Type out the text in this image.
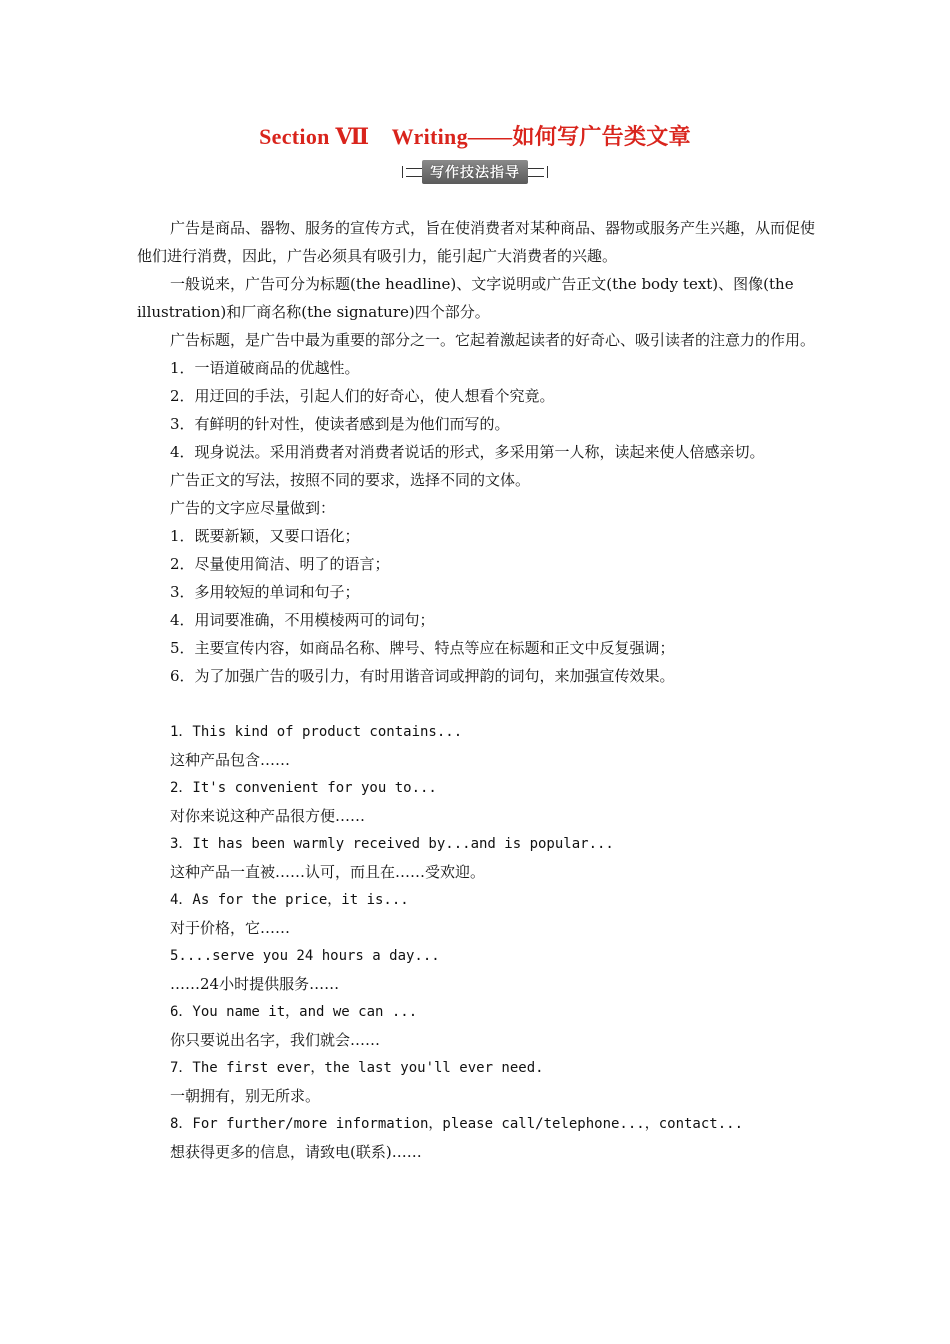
Section Ⅶ　Writing——如何写广告类文章
写作技法指导

广告是商品、器物、服务的宣传方式，旨在使消费者对某种商品、器物或服务产生兴趣，从而促使他们进行消费，因此，广告必须具有吸引力，能引起广大消费者的兴趣。

一般说来，广告可分为标题(the headline)、文字说明或广告正文(the body text)、图像(the illustration)和厂商名称(the signature)四个部分。

广告标题，是广告中最为重要的部分之一。它起着激起读者的好奇心、吸引读者的注意力的作用。

1．一语道破商品的优越性。

2．用迂回的手法，引起人们的好奇心，使人想看个究竟。

3．有鲜明的针对性，使读者感到是为他们而写的。

4．现身说法。采用消费者对消费者说话的形式，多采用第一人称，读起来使人倍感亲切。

广告正文的写法，按照不同的要求，选择不同的文体。

广告的文字应尽量做到：

1．既要新颖，又要口语化；

2．尽量使用简洁、明了的语言；

3．多用较短的单词和句子；

4．用词要准确，不用模棱两可的词句；

5．主要宣传内容，如商品名称、牌号、特点等应在标题和正文中反复强调；

6．为了加强广告的吸引力，有时用谐音词或押韵的词句，来加强宣传效果。

1．This kind of product contains...

这种产品包含……

2．It's convenient for you to...

对你来说这种产品很方便……

3．It has been warmly received by...and is popular...

这种产品一直被……认可，而且在……受欢迎。

4．As for the price，it is...

对于价格，它……

5....serve you 24 hours a day...

……24小时提供服务……

6．You name it，and we can ...

你只要说出名字，我们就会……

7．The first ever，the last you'll ever need.

一朝拥有，别无所求。

8．For further/more information，please call/telephone...，contact...

想获得更多的信息，请致电(联系)……
